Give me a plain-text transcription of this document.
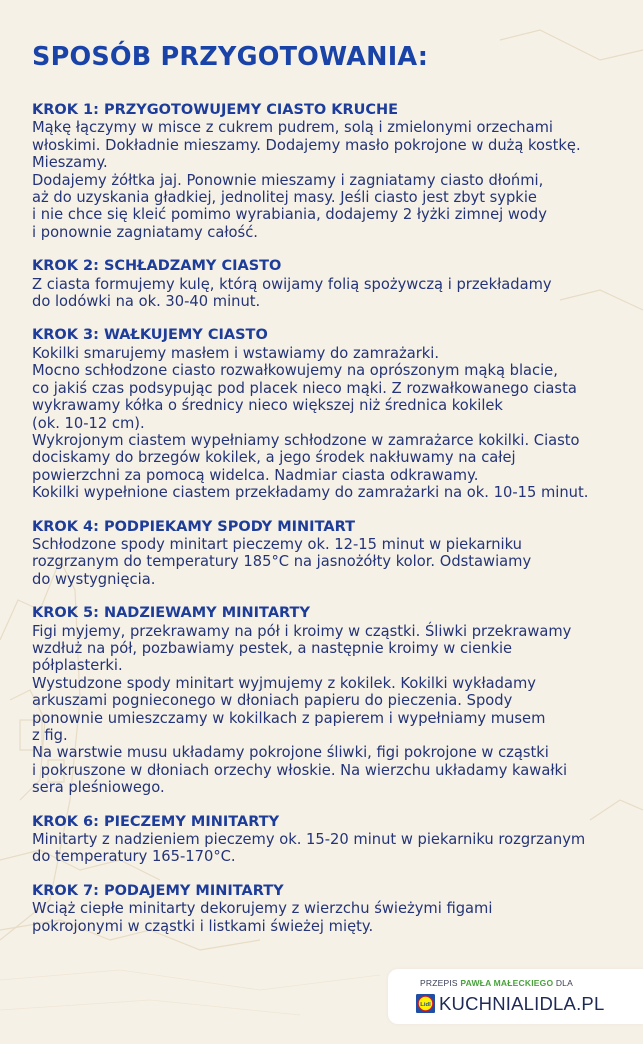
SPOSÓB PRZYGOTOWANIA:
KROK 1: PRZYGOTOWUJEMY CIASTO KRUCHE
Mąkę łączymy w misce z cukrem pudrem, solą i zmielonymi orzechami
włoskimi. Dokładnie mieszamy. Dodajemy masło pokrojone w dużą kostkę.
Mieszamy.
Dodajemy żółtka jaj. Ponownie mieszamy i zagniatamy ciasto dłońmi,
aż do uzyskania gładkiej, jednolitej masy. Jeśli ciasto jest zbyt sypkie
i nie chce się kleić pomimo wyrabiania, dodajemy 2 łyżki zimnej wody
i ponownie zagniatamy całość.
KROK 2: SCHŁADZAMY CIASTO
Z ciasta formujemy kulę, którą owijamy folią spożywczą i przekładamy
do lodówki na ok. 30-40 minut.
KROK 3: WAŁKUJEMY CIASTO
Kokilki smarujemy masłem i wstawiamy do zamrażarki.
Mocno schłodzone ciasto rozwałkowujemy na oprószonym mąką blacie,
co jakiś czas podsypując pod placek nieco mąki. Z rozwałkowanego ciasta
wykrawamy kółka o średnicy nieco większej niż średnica kokilek
(ok. 10-12 cm).
Wykrojonym ciastem wypełniamy schłodzone w zamrażarce kokilki. Ciasto
dociskamy do brzegów kokilek, a jego środek nakłuwamy na całej
powierzchni za pomocą widelca. Nadmiar ciasta odkrawamy.
Kokilki wypełnione ciastem przekładamy do zamrażarki na ok. 10-15 minut.
KROK 4: PODPIEKAMY SPODY MINITART
Schłodzone spody minitart pieczemy ok. 12-15 minut w piekarniku
rozgrzanym do temperatury 185°C na jasnożółty kolor. Odstawiamy
do wystygnięcia.
KROK 5: NADZIEWAMY MINITARTY
Figi myjemy, przekrawamy na pół i kroimy w cząstki. Śliwki przekrawamy
wzdłuż na pół, pozbawiamy pestek, a następnie kroimy w cienkie
półplasterki.
Wystudzone spody minitart wyjmujemy z kokilek. Kokilki wykładamy
arkuszami pognieconego w dłoniach papieru do pieczenia. Spody
ponownie umieszczamy w kokilkach z papierem i wypełniamy musem
z fig.
Na warstwie musu układamy pokrojone śliwki, figi pokrojone w cząstki
i pokruszone w dłoniach orzechy włoskie. Na wierzchu układamy kawałki
sera pleśniowego.
KROK 6: PIECZEMY MINITARTY
Minitarty z nadzieniem pieczemy ok. 15-20 minut w piekarniku rozgrzanym
do temperatury 165-170°C.
KROK 7: PODAJEMY MINITARTY
Wciąż ciepłe minitarty dekorujemy z wierzchu świeżymi figami
pokrojonymi w cząstki i listkami świeżej mięty.
PRZEPIS PAWŁA MAŁECKIEGO DLA
Lidl KUCHNIALIDLA.PL
